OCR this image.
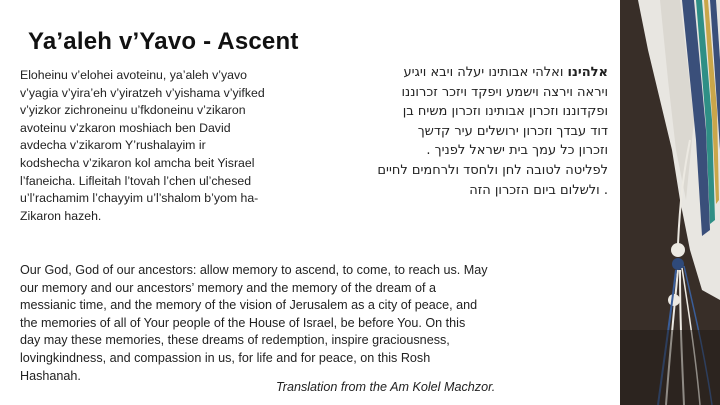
Ya’aleh v’Yavo - Ascent
Eloheinu v’elohei avoteinu, ya’aleh v’yavo
v’yagia v’yira’eh v’yiratzeh v’yishama v’yifked
v’yizkor zichroneinu u’fkdoneinu v’zikaron
avoteinu v’zkaron moshiach ben David
avdecha v’zikarom Y’rushalayim ir
kodshecha v’zikaron kol amcha beit Yisrael
l’faneicha. Lifleitah l’tovah l’chen ul’chesed
u’l’rachamim l’chayyim u’l’shalom b’yom ha-
Zikaron hazeh.
אלהינו ואלהי אבותינו יעלה ויבא ויגיע
ויראה וירצה וישמע ויפקד ויזכר זכרוננו
ופקדוננו וזכרון אבותינו וזכרון משיח בן
דוד עבדך וזכרון ירושלים עיר קדשך
וזכרון כל עמך בית ישראל לפניך .
לפליטה לטובה לחן ולחסד ולרחמים לחיים
. ולשלום ביום הזכרון הזה
Our God, God of our ancestors: allow memory to ascend, to come, to reach us. May
our memory and our ancestors’ memory and the memory of the dream of a
messianic time, and the memory of the vision of Jerusalem as a city of peace, and
the memories of all of Your people of the House of Israel, be before You. On this
day may these memories, these dreams of redemption, inspire graciousness,
lovingkindness, and compassion in us, for life and for peace, on this Rosh
Hashanah.
Translation from the Am Kolel Machzor.
